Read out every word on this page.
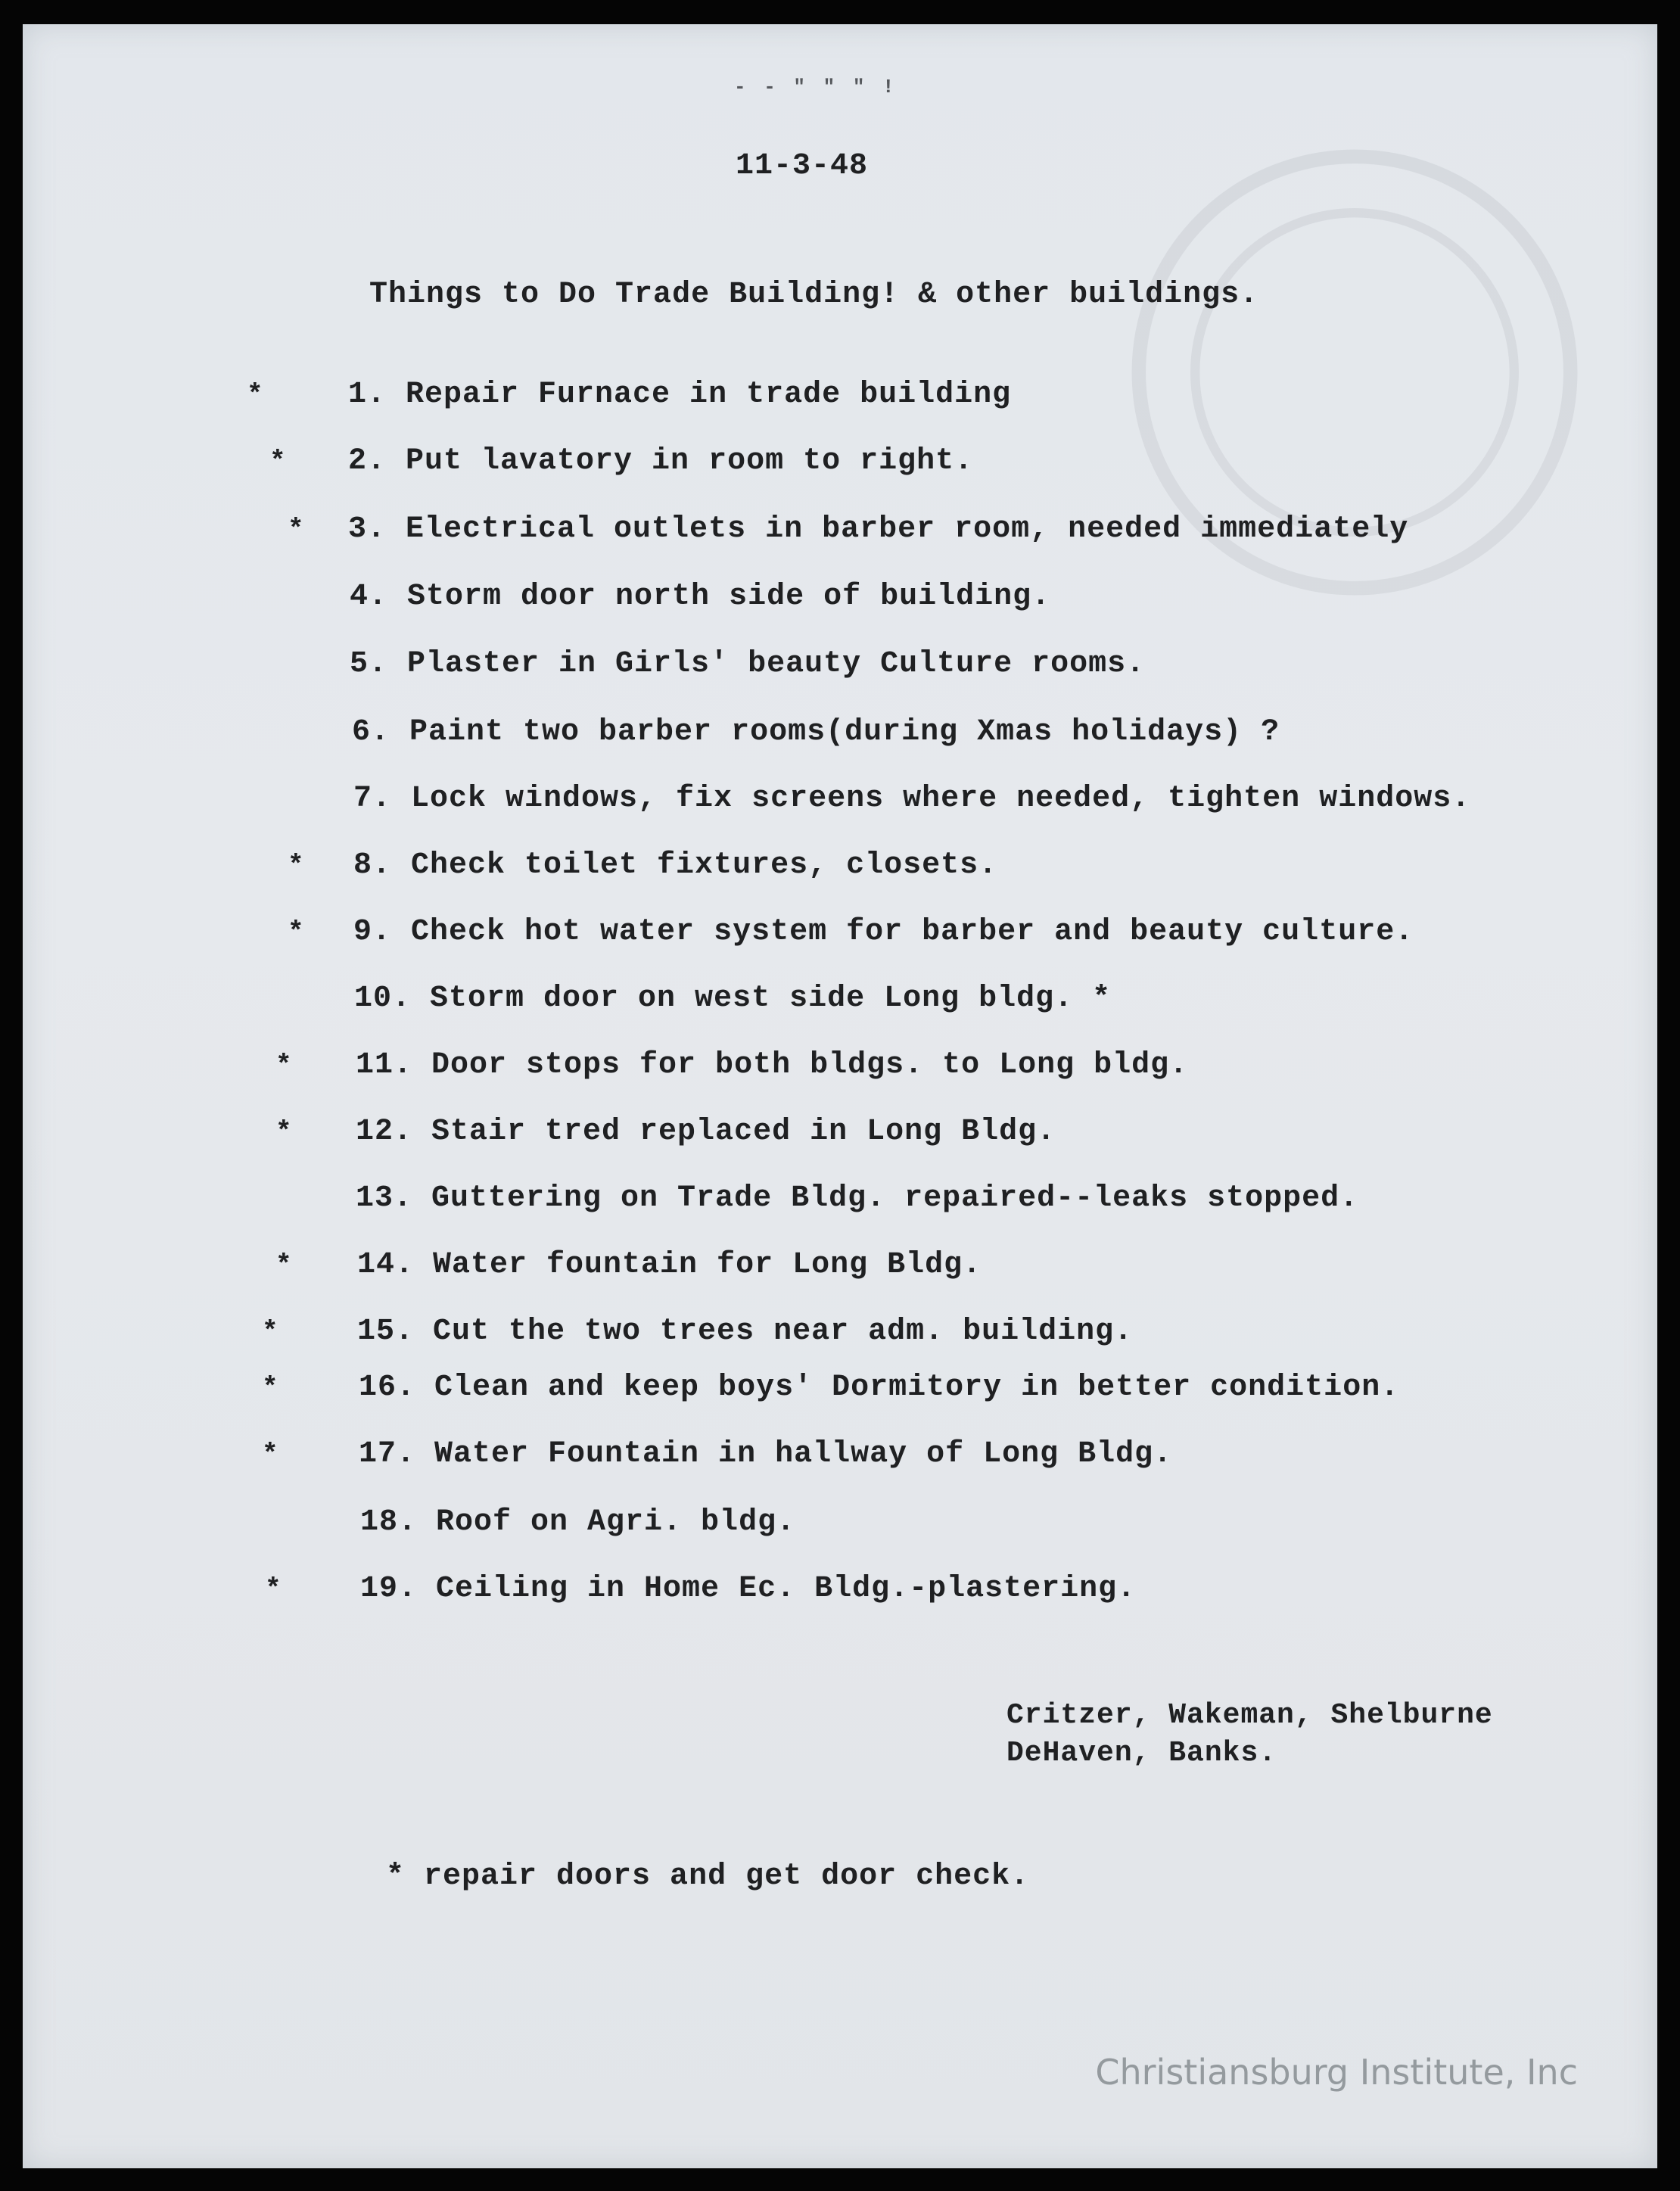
- - " " " !
11-3-48
Things to Do Trade Building! & other buildings.
*	1. Repair Furnace in trade building
* 2. Put lavatory in room to right.
* 3. Electrical outlets in barber room, needed immediately
4. Storm door north side of building.
5. Plaster in Girls' beauty Culture rooms.
6. Paint two barber rooms(during Xmas holidays) ?
7. Lock windows, fix screens where needed, tighten windows.
* 8. Check toilet fixtures, closets.
* 9. Check hot water system for barber and beauty culture.
10. Storm door on west side Long bldg. *
* 11. Door stops for both bldgs. to Long bldg.
* 12. Stair tred replaced in Long Bldg.
13. Guttering on Trade Bldg. repaired--leaks stopped.
* 14. Water fountain for Long Bldg.
*	15. Cut the two trees near adm. building.
*	16. Clean and keep boys' Dormitory in better condition.
*	17. Water Fountain in hallway of Long Bldg.
18. Roof on Agri. bldg.
*	19. Ceiling in Home Ec. Bldg.-plastering.
Critzer, Wakeman, Shelburne
DeHaven, Banks.
* repair doors and get door check.
Christiansburg Institute, Inc
